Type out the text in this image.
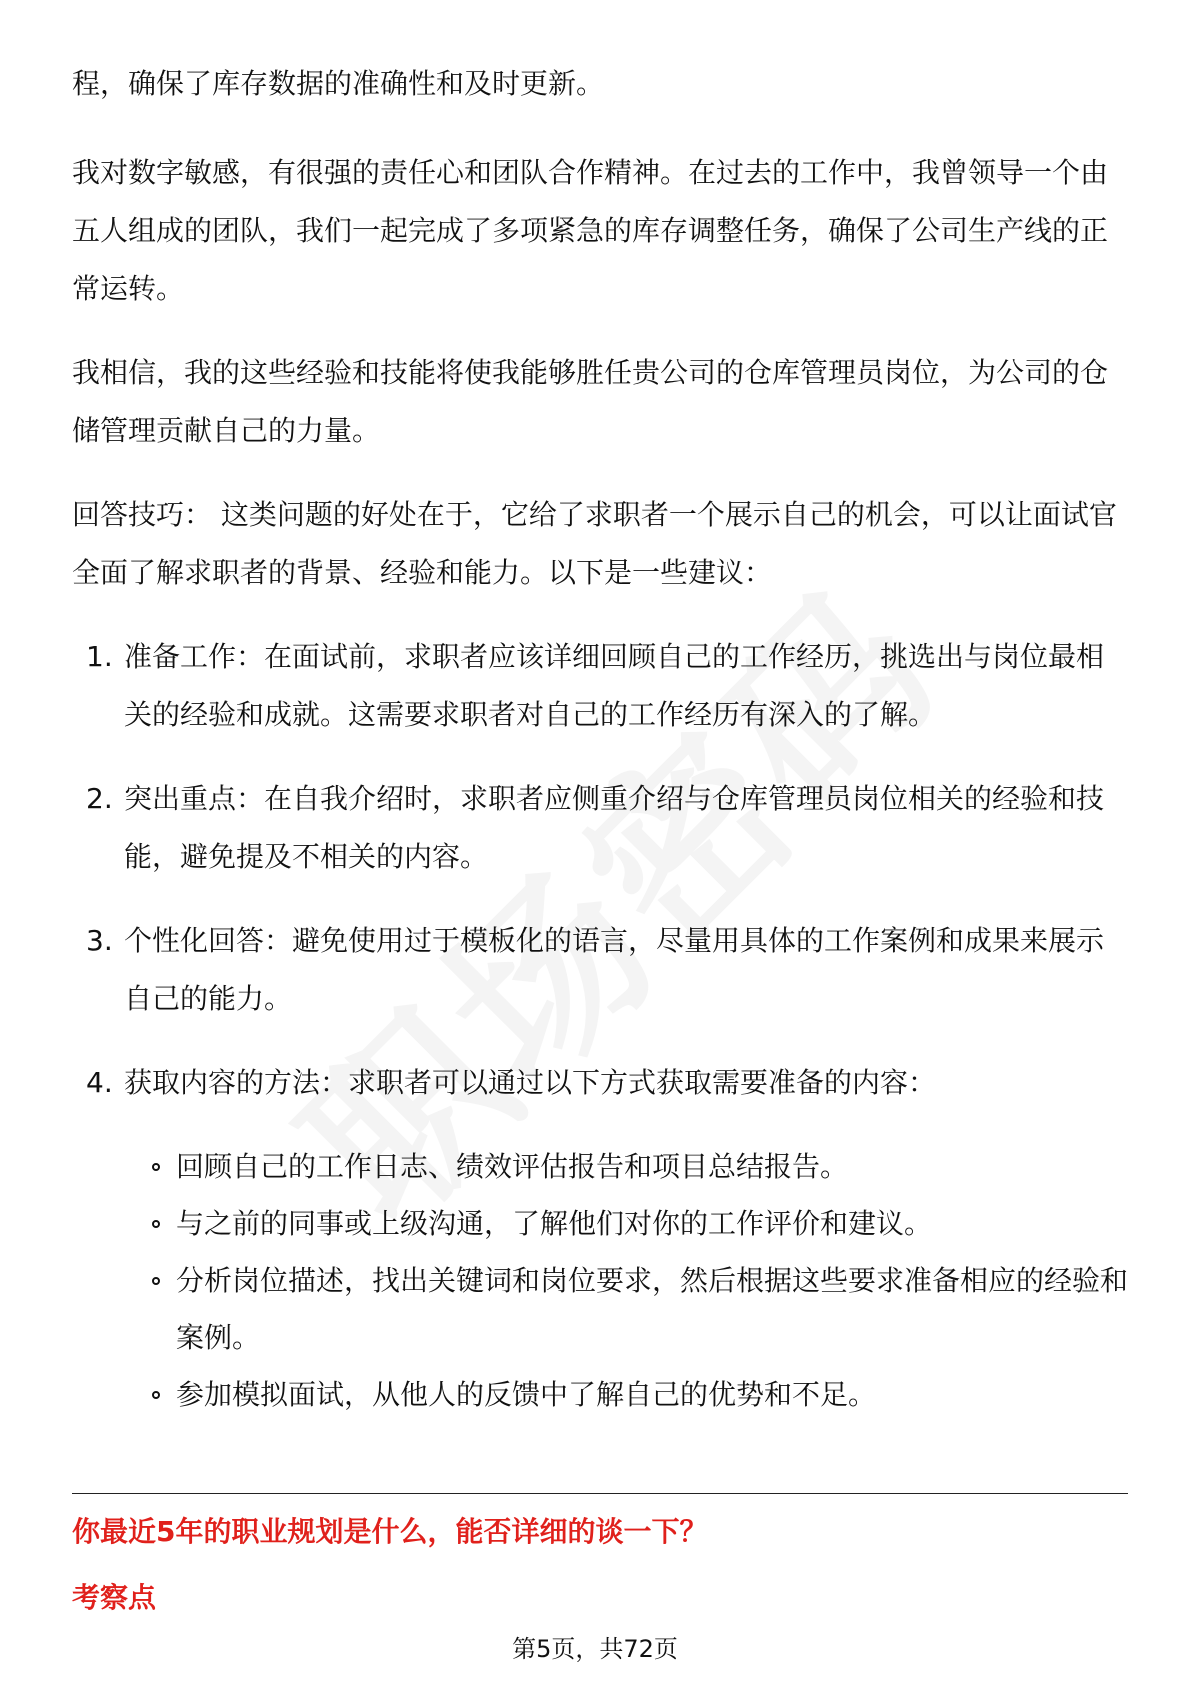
程，确保了库存数据的准确性和及时更新。

我对数字敏感，有很强的责任心和团队合作精神。在过去的工作中，我曾领导一个由五人组成的团队，我们一起完成了多项紧急的库存调整任务，确保了公司生产线的正常运转。

我相信，我的这些经验和技能将使我能够胜任贵公司的仓库管理员岗位，为公司的仓储管理贡献自己的力量。

回答技巧： 这类问题的好处在于，它给了求职者一个展示自己的机会，可以让面试官全面了解求职者的背景、经验和能力。以下是一些建议：

1. 准备工作：在面试前，求职者应该详细回顾自己的工作经历，挑选出与岗位最相关的经验和成就。这需要求职者对自己的工作经历有深入的了解。
2. 突出重点：在自我介绍时，求职者应侧重介绍与仓库管理员岗位相关的经验和技能，避免提及不相关的内容。
3. 个性化回答：避免使用过于模板化的语言，尽量用具体的工作案例和成果来展示自己的能力。
4. 获取内容的方法：求职者可以通过以下方式获取需要准备的内容：
回顾自己的工作日志、绩效评估报告和项目总结报告。
与之前的同事或上级沟通，了解他们对你的工作评价和建议。
分析岗位描述，找出关键词和岗位要求，然后根据这些要求准备相应的经验和案例。
参加模拟面试，从他人的反馈中了解自己的优势和不足。
你最近5年的职业规划是什么，能否详细的谈一下？
考察点
第5页，共72页
